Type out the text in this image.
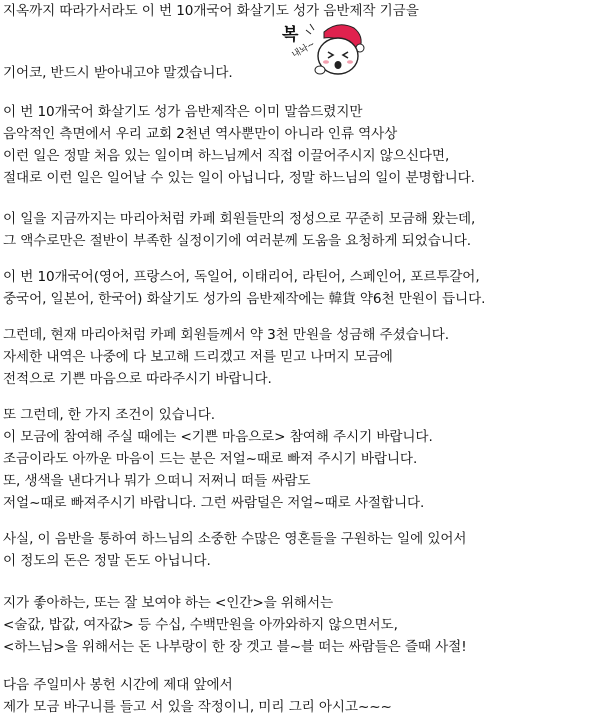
지옥까지 따라가서라도 이 번 10개국어 화살기도 성가 음반제작 기금을
기어코, 반드시 받아내고야 말겠습니다.
이 번 10개국어 화살기도 성가 음반제작은 이미 말씀드렸지만
음악적인 측면에서 우리 교회 2천년 역사뿐만이 아니라 인류 역사상
이런 일은 정말 처음 있는 일이며 하느님께서 직접 이끌어주시지 않으신다면,
절대로 이런 일은 일어날 수 있는 일이 아닙니다, 정말 하느님의 일이 분명합니다.
이 일을 지금까지는 마리아처럼 카페 회원들만의 정성으로 꾸준히 모금해 왔는데,
그 액수로만은 절반이 부족한 실정이기에 여러분께 도움을 요청하게 되었습니다.
이 번 10개국어(영어, 프랑스어, 독일어, 이태리어, 라틴어, 스페인어, 포르투갈어,
중국어, 일본어, 한국어) 화살기도 성가의 음반제작에는 韓貨 약6천 만원이 듭니다.
그런데, 현재 마리아처럼 카페 회원들께서 약 3천 만원을 성금해 주셨습니다.
자세한 내역은 나중에 다 보고해 드리겠고 저를 믿고 나머지 모금에
전적으로 기쁜 마음으로 따라주시기 바랍니다.
또 그런데, 한 가지 조건이 있습니다.
이 모금에 참여해 주실 때에는 <기쁜 마음으로> 참여해 주시기 바랍니다.
조금이라도 아까운 마음이 드는 분은 저얼~때로 빠져 주시기 바랍니다.
또, 생색을 낸다거나 뭐가 으떠니 저쩌니 떠들 싸람도
저얼~때로 빠져주시기 바랍니다. 그런 싸람덜은 저얼~때로 사절합니다.
사실, 이 음반을 통하여 하느님의 소중한 수많은 영혼들을 구원하는 일에 있어서
이 정도의 돈은 정말 돈도 아닙니다.
지가 좋아하는, 또는 잘 보여야 하는 <인간>을 위해서는
<술값, 밥값, 여자값> 등 수십, 수백만원을 아까와하지 않으면서도,
<하느님>을 위해서는 돈 나부랑이 한 장 겟고 블~블 떠는 싸람들은 즐때 사절!
다음 주일미사 봉헌 시간에 제대 앞에서
제가 모금 바구니를 들고 서 있을 작정이니, 미리 그리 아시고~~~
복
내놔~
